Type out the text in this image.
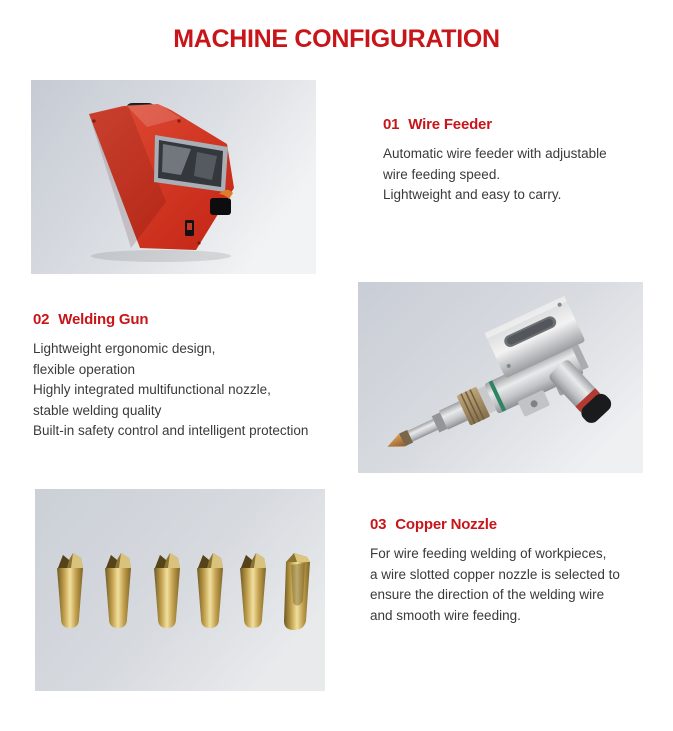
MACHINE CONFIGURATION
01 Wire Feeder
Automatic wire feeder with adjustable
wire feeding speed.
Lightweight and easy to carry.
02 Welding Gun
Lightweight ergonomic design,
flexible operation
Highly integrated multifunctional nozzle,
stable welding quality
Built-in safety control and intelligent protection
03 Copper Nozzle
For wire feeding welding of workpieces,
a wire slotted copper nozzle is selected to
ensure the direction of the welding wire
and smooth wire feeding.
